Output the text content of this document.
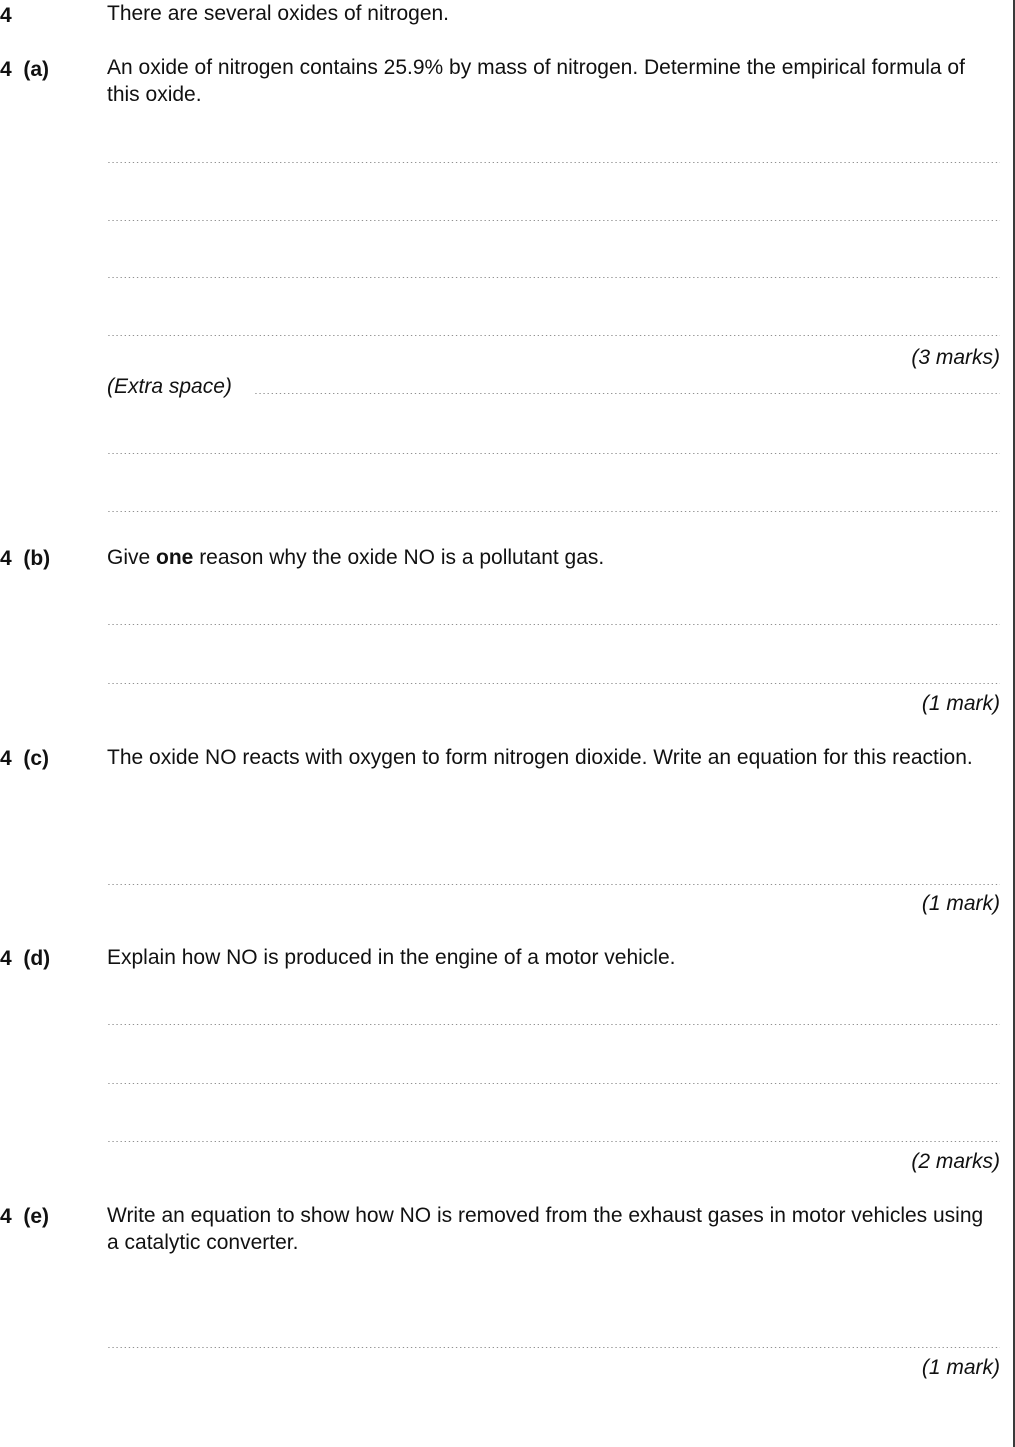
4	There are several oxides of nitrogen.
4  (a)	An oxide of nitrogen contains 25.9% by mass of nitrogen. Determine the empirical formula of this oxide.
.....
.....
.....
.....
(3 marks)
(Extra space)
.....
.....
.....
4  (b)	Give one reason why the oxide NO is a pollutant gas.
.....
.....
(1 mark)
4  (c)	The oxide NO reacts with oxygen to form nitrogen dioxide. Write an equation for this reaction.
.....
(1 mark)
4  (d)	Explain how NO is produced in the engine of a motor vehicle.
.....
.....
.....
(2 marks)
4  (e)	Write an equation to show how NO is removed from the exhaust gases in motor vehicles using a catalytic converter.
.....
(1 mark)
